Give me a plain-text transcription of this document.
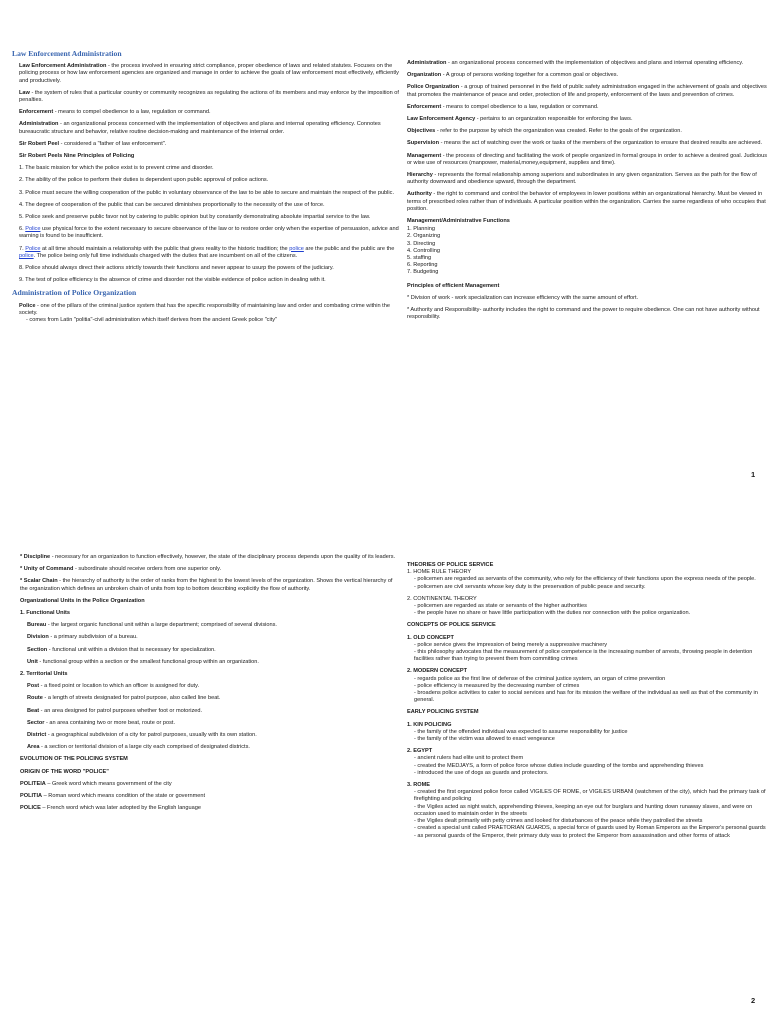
Law Enforcement Administration

Law Enforcement Administration - the process involved in ensuring strict compliance, proper obedience of laws and related statutes. Focuses on the policing process or how law enforcement agencies are organized and manage in order to achieve the goals of law enforcement most effectively, efficiently and productively.

Law - the system of rules that a particular country or community recognizes as regulating the actions of its members and may enforce by the imposition of penalties.

Enforcement - means to compel obedience to a law, regulation or command.

Administration - an organizational process concerned with the implementation of objectives and plans and internal operating efficiency. Connotes bureaucratic structure and behavior, relative routine decision-making and maintenance of the internal order.

Sir Robert Peel - considered a "father of law enforcement".

Sir Robert Peels Nine Principles of Policing

1. The basic mission for which the police exist is to prevent crime and disorder.

2. The ability of the police to perform their duties is dependent upon public approval of police actions.

3. Police must secure the willing cooperation of the public in voluntary observance of the law to be able to secure and maintain the respect of the public.

4. The degree of cooperation of the public that can be secured diminishes proportionally to the necessity of the use of force.

5. Police seek and preserve public favor not by catering to public opinion but by constantly demonstrating absolute impartial service to the law.

6. Police use physical force to the extent necessary to secure observance of the law or to restore order only when the expertise of persuasion, advice and warning is found to be insufficient.

7. Police at all time should maintain a relationship with the public that gives reality to the historic tradition; the police are the public and the public are the police. The police being only full time individuals charged with the duties that are incumbent on all of the citizens.

8. Police should always direct their actions strictly towards their functions and never appear to usurp the powers of the judiciary.

9. The test of police efficiency is the absence of crime and disorder not the visible evidence of police action in dealing with it.

Administration of Police Organization

Police - one of the pillars of the criminal justice system that has the specific responsibility of maintaining law and order and combating crime within the society.

- comes from Latin "politia"-civil administration which itself derives from the ancient Greek police "city"

Administration - an organizational process concerned with the implementation of objectives and plans and internal operating efficiency.

Organization - A group of persons working together for a common goal or objectives.

Police Organization - a group of trained personnel in the field of public safety administration engaged in the achievement of goals and objectives that promotes the maintenance of peace and order, protection of life and property, enforcement of the laws and prevention of crimes.

Enforcement - means to compel obedience to a law, regulation or command.

Law Enforcement Agency - pertains to an organization responsible for enforcing the laws.

Objectives - refer to the purpose by which the organization was created. Refer to the goals of the organization.

Supervision - means the act of watching over the work or tasks of the members of the organization to ensure that desired results are achieved.

Management - the process of directing and facilitating the work of people organized in formal groups in order to achieve a desired goal. Judicious or wise use of resources (manpower, material,money,equipment, supplies and time).

Hierarchy - represents the formal relationship among superiors and subordinates in any given organization. Serves as the path for the flow of authority downward and obedience upward, through the department.

Authority - the right to command and control the behavior of employees in lower positions within an organizational hierarchy. Must be viewed in terms of prescribed roles rather than of individuals. A particular position within the organization. Carries the same regardless of who occupies that position.

Management/Administrative Functions
1. Planning
2. Organizing
3. Directing
4. Controlling
5. staffing
6. Reporting
7. Budgeting
Principles of efficient Management

* Division of work - work specialization can increase efficiency with the same amount of effort.

* Authority and Responsibility- authority includes the right to command and the power to require obedience. One can not have authority without responsibility.

1

* Discipline - necessary for an organization to function effectively, however, the state of the disciplinary process depends upon the quality of its leaders.

* Unity of Command - subordinate should receive orders from one superior only.

* Scalar Chain - the hierarchy of authority is the order of ranks from the highest to the lowest levels of the organization. Shows the vertical hierarchy of the organization which defines an unbroken chain of units from top to bottom describing explicitly the flow of authority.

Organizational Units in the Police Organization

1. Functional Units

Bureau - the largest organic functional unit within a large department; comprised of several divisions.

Division - a primary subdivision of a bureau.

Section - functional unit within a division that is necessary for specialization.

Unit - functional group within a section or the smallest functional group within an organization.

2. Territorial Units

Post - a fixed point or location to which an officer is assigned for duty.

Route - a length of streets designated for patrol purpose, also called line beat.

Beat - an area designed for patrol purposes whether foot or motorized.

Sector - an area containing two or more beat, route or post.

District - a geographical subdivision of a city for patrol purposes, usually with its own station.

Area - a section or territorial division of a large city each comprised of designated districts.

EVOLUTION OF THE POLICING SYSTEM

ORIGIN OF THE WORD "POLICE"

POLITEIA – Greek word which means government of the city

POLITIA – Roman word which means condition of the state or government

POLICE – French word which was later adopted by the English language

THEORIES OF POLICE SERVICE
1. HOME RULE THEORY
- policemen are regarded as servants of the community, who rely for the efficiency of their functions upon the express needs of the people.

- policemen are civil servants whose key duty is the preservation of public peace and security.

2. CONTINENTAL THEORY
- policemen are regarded as state or servants of the higher authorities

- the people have no share or have little participation with the duties nor connection with the police organization.

CONCEPTS OF POLICE SERVICE

1. OLD CONCEPT
- police service gives the impression of being merely a suppressive machinery

- this philosophy advocates that the measurement of police competence is the increasing number of arrests, throwing people in detention facilities rather than trying to prevent them from committing crimes

2. MODERN CONCEPT
- regards police as the first line of defense of the criminal justice system, an organ of crime prevention
- police efficiency is measured by the decreasing number of crimes

- broadens police activities to cater to social services and has for its mission the welfare of the individual as well as that of the community in general.

EARLY POLICING SYSTEM

1. KIN POLICING
- the family of the offended individual was expected to assume responsibility for justice

- the family of the victim was allowed to exact vengeance

2. EGYPT
- ancient rulers had elite unit to protect them
- created the MEDJAYS, a form of police force whose duties include guarding of the tombs and apprehending thieves

- introduced the use of dogs as guards and protectors.

3. ROME
- created the first organized police force called VIGILES OF ROME, or VIGILES URBANI (watchmen of the city), which had the primary task of firefighting and policing
- the Vigiles acted as night watch, apprehending thieves, keeping an eye out for burglars and hunting down runaway slaves, and were on occasion used to maintain order in the streets
- the Vigiles dealt primarily with petty crimes and looked for disturbances of the peace while they patrolled the streets
- created a special unit called PRAETORIAN GUARDS, a special force of guards used by Roman Emperors as the Emperor's personal guards
- as personal guards of the Emperor, their primary duty was to protect the Emperor from assassination and other forms of attack
2
